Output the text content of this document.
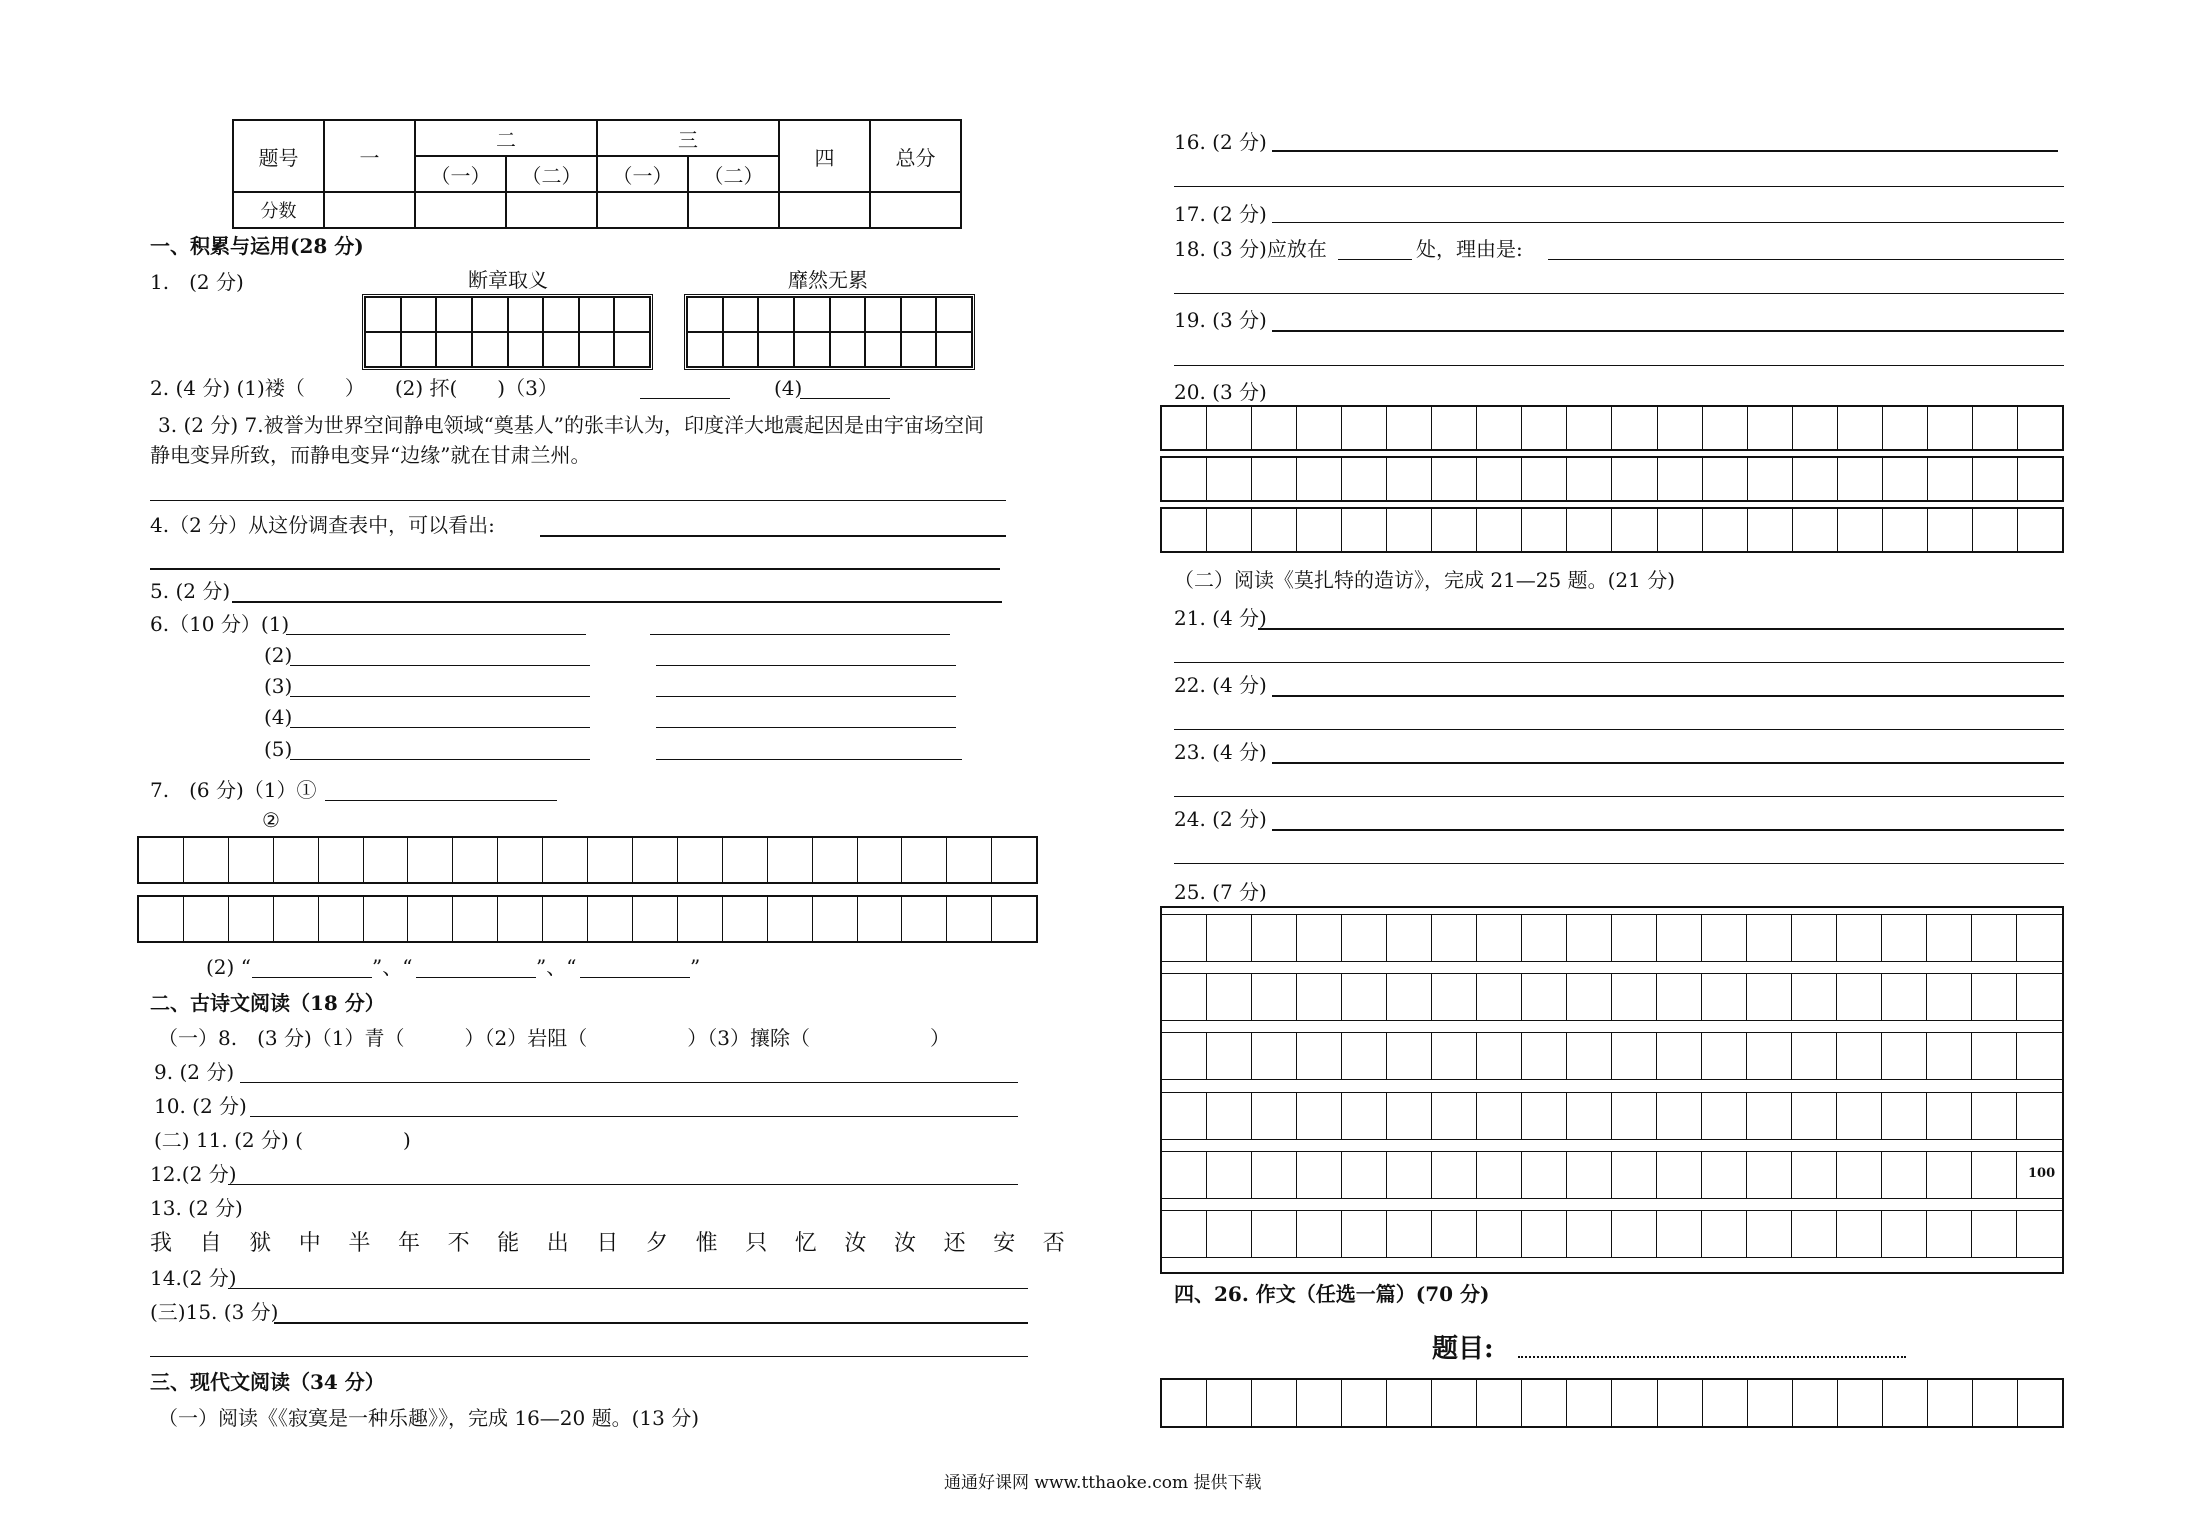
题号	一	二		三		四	总分
		（一）	（二）	（一）	（二）		
分数							
一、积累与运用(28 分)
1.　(2 分)	断章取义	靡然无累
2. (4 分) (1)褛（　　）　　(2) 抔(　　)（3）	(4)
3. (2 分) 7.被誉为世界空间静电领域“奠基人”的张丰认为，印度洋大地震起因是由宇宙场空间
静电变异所致，而静电变异“边缘”就在甘肃兰州。
4.（2 分）从这份调查表中，可以看出:
5. (2 分)
6.（10 分）(1)
(2)
(3)
(4)
(5)
7.　(6 分)（1）①
②
(2) “	”、“	”、“	”
二、古诗文阅读（18 分）
（一）8.　(3 分)（1）青（　　　）（2）岩阻（　　　　　）（3）攘除（　　　　　　）
9. (2 分)
10. (2 分)
(二) 11. (2 分) (　　　　　)
12.(2 分)
13. (2 分)
我 自 狱 中 半 年 不 能 出 日 夕 惟 只 忆 汝 汝 还 安 否
14.(2 分)
(三)15. (3 分)
三、现代文阅读（34 分）
（一）阅读《《寂寞是一种乐趣》》，完成 16—20 题。(13 分)
16. (2 分)
17. (2 分)
18. (3 分)应放在	处，理由是:
19. (3 分)
20. (3 分)
（二）阅读《莫扎特的造访》，完成 21—25 题。(21 分)
21. (4 分)
22. (4 分)
23. (4 分)
24. (2 分)
25. (7 分)
100
四、26. 作文（任选一篇）(70 分)
题目:
通通好课网 www.tthaoke.com 提供下载
